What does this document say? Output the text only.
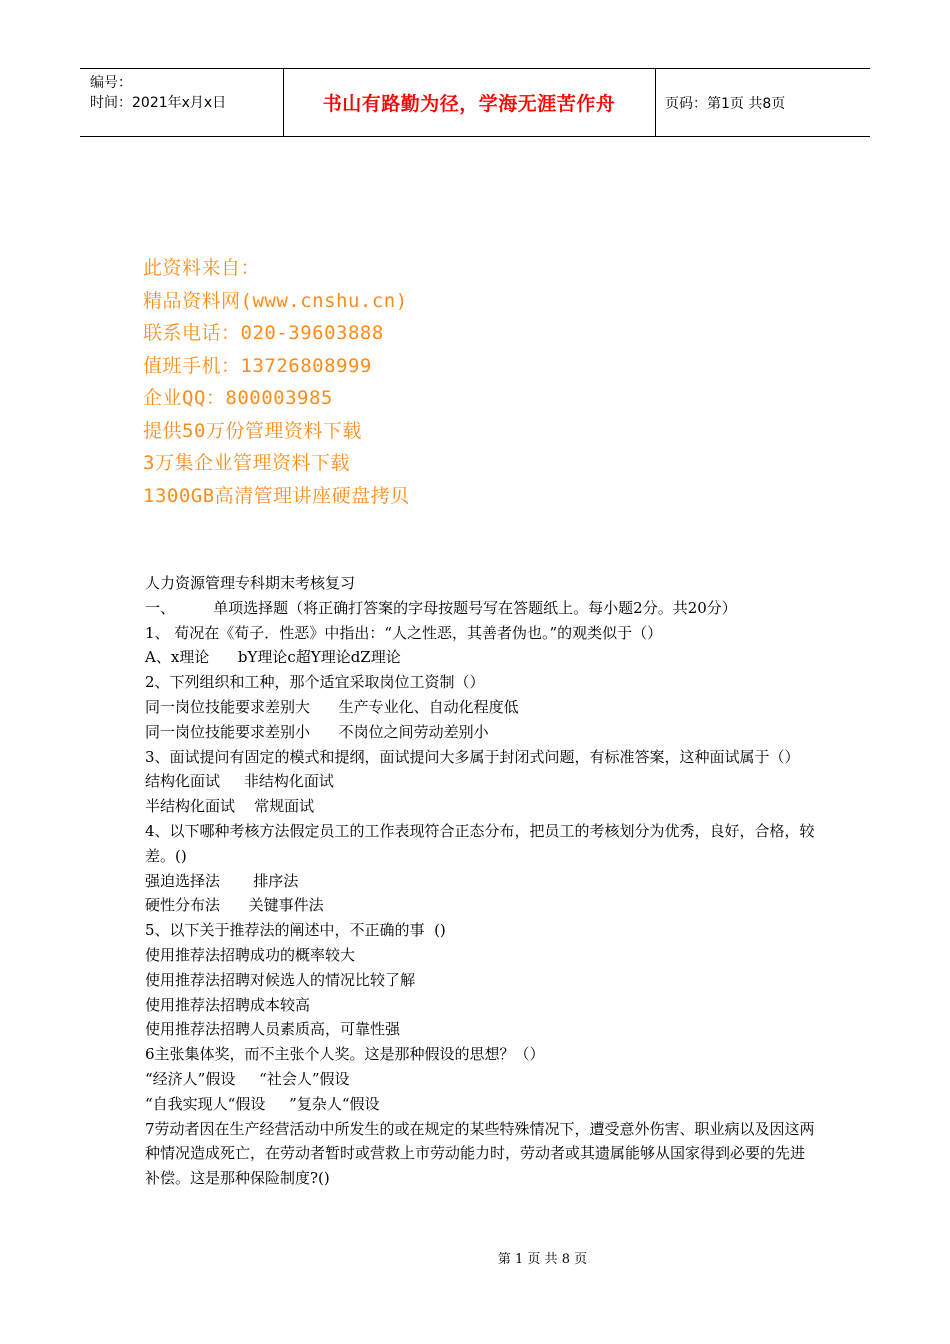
编号：
时间：2021年x月x日	书山有路勤为径，学海无涯苦作舟	页码：第1页 共8页
此资料来自：
精品资料网(www.cnshu.cn)
联系电话：020-39603888
值班手机：13726808999
企业QQ：800003985
提供50万份管理资料下载
3万集企业管理资料下载
1300GB高清管理讲座硬盘拷贝

人力资源管理专科期末考核复习

一、        单项选择题（将正确打答案的字母按题号写在答题纸上。每小题2分。共20分）

1、 荀况在《荀子．性恶》中指出：“人之性恶，其善者伪也。”的观类似于（）

A、x理论      bY理论c超Y理论dZ理论

2、下列组织和工种，那个适宜采取岗位工资制（）

同一岗位技能要求差别大      生产专业化、自动化程度低

同一岗位技能要求差别小      不岗位之间劳动差别小

3、面试提问有固定的模式和提纲，面试提问大多属于封闭式问题，有标准答案，这种面试属于（）

结构化面试     非结构化面试

半结构化面试    常规面试

4、以下哪种考核方法假定员工的工作表现符合正态分布，把员工的考核划分为优秀，良好，合格，较差。()

强迫选择法       排序法

硬性分布法      关键事件法

5、以下关于推荐法的阐述中，不正确的事  ()

使用推荐法招聘成功的概率较大

使用推荐法招聘对候选人的情况比较了解

使用推荐法招聘成本较高

使用推荐法招聘人员素质高，可靠性强

6主张集体奖，而不主张个人奖。这是那种假设的思想？（）

“经济人”假设     “社会人”假设

“自我实现人“假设     ”复杂人“假设

7劳动者因在生产经营活动中所发生的或在规定的某些特殊情况下，遭受意外伤害、职业病以及因这两种情况造成死亡，在劳动者暂时或营救上市劳动能力时，劳动者或其遗属能够从国家得到必要的先进补偿。这是那种保险制度?()

第 1 页 共 8 页
